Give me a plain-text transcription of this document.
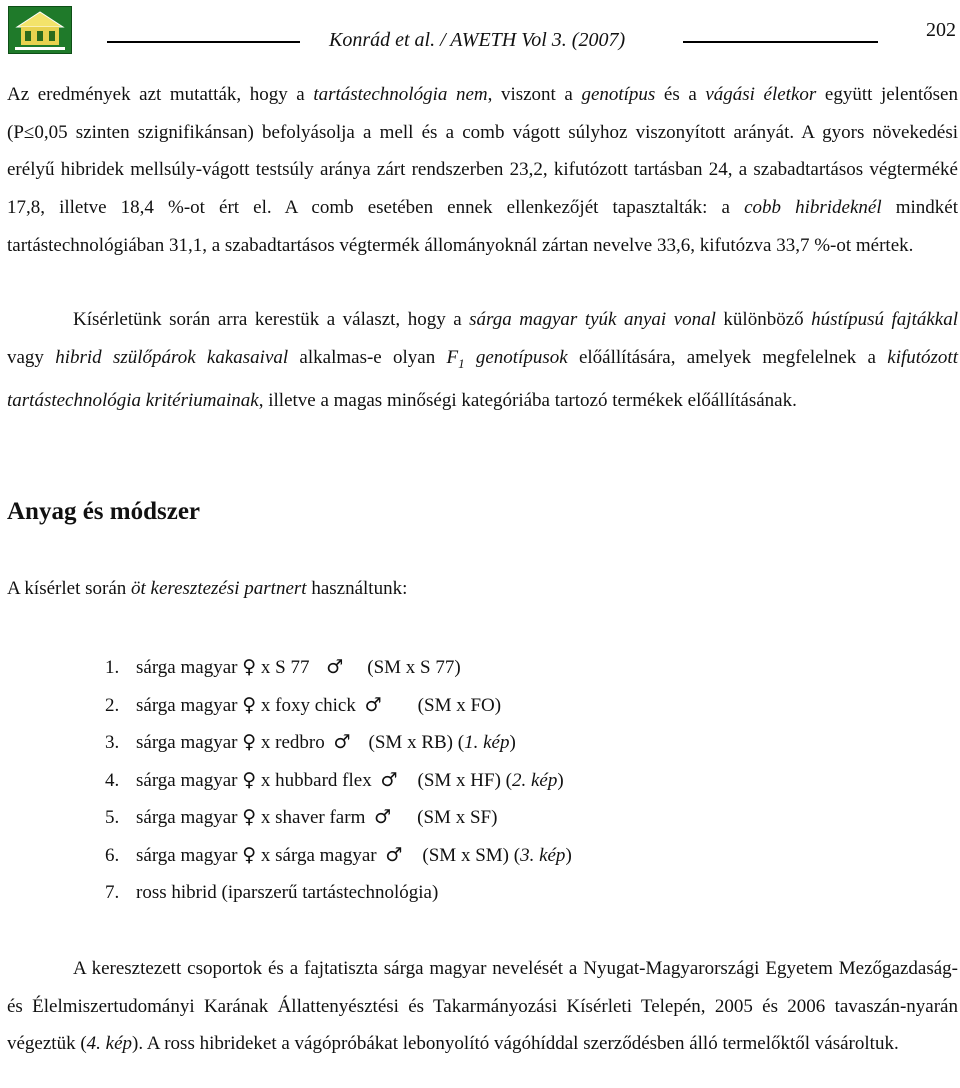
Konrád et al. / AWETH Vol 3. (2007)	202

Az eredmények azt mutatták, hogy a tartástechnológia nem, viszont a genotípus és a vágási életkor együtt jelentősen (P≤0,05 szinten szignifikánsan) befolyásolja a mell és a comb vágott súlyhoz viszonyított arányát. A gyors növekedési erélyű hibridek mellsúly-vágott testsúly aránya zárt rendszerben 23,2, kifutózott tartásban 24, a szabadtartásos végterméké 17,8, illetve 18,4 %-ot ért el. A comb esetében ennek ellenkezőjét tapasztalták: a cobb hibrideknél mindkét tartástechnológiában 31,1, a szabadtartásos végtermék állományoknál zártan nevelve 33,6, kifutózva 33,7 %-ot mértek.

Kísérletünk során arra kerestük a választ, hogy a sárga magyar tyúk anyai vonal különböző hústípusú fajtákkal vagy hibrid szülőpárok kakasaival alkalmas-e olyan $F_1$ genotípusok előállítására, amelyek megfelelnek a kifutózott tartástechnológia kritériumainak, illetve a magas minőségi kategóriába tartozó termékek előállításának.

Anyag és módszer

A kísérlet során öt keresztezési partnert használtunk:

1. sárga magyar ♀ x S 77 ♂ (SM x S 77)
2. sárga magyar ♀ x foxy chick ♂ (SM x FO)
3. sárga magyar ♀ x redbro ♂ (SM x RB) (1. kép)
4. sárga magyar ♀ x hubbard flex ♂ (SM x HF) (2. kép)
5. sárga magyar ♀ x shaver farm ♂ (SM x SF)
6. sárga magyar ♀ x sárga magyar ♂ (SM x SM) (3. kép)
7. ross hibrid (iparszerű tartástechnológia)

A keresztezett csoportok és a fajtatiszta sárga magyar nevelését a Nyugat-Magyarországi Egyetem Mezőgazdaság- és Élelmiszertudományi Karának Állattenyésztési és Takarmányozási Kísérleti Telepén, 2005 és 2006 tavaszán-nyarán végeztük (4. kép). A ross hibrideket a vágópróbákat lebonyolító vágóhíddal szerződésben álló termelőktől vásároltuk.
